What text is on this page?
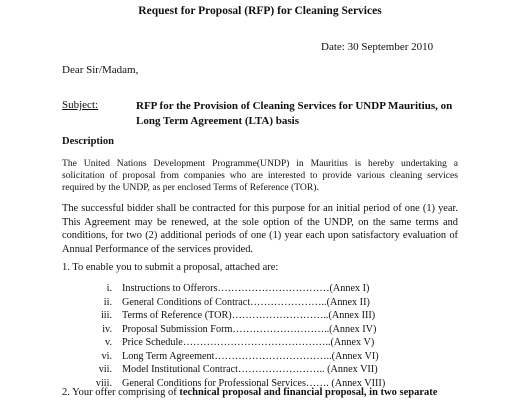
Request for Proposal (RFP) for Cleaning Services
Date: 30 September 2010
Dear Sir/Madam,
Subject:	RFP for the Provision of Cleaning Services for UNDP Mauritius, on Long Term Agreement (LTA) basis
Description
The United Nations Development Programme(UNDP) in Mauritius is hereby undertaking a solicitation of proposal from companies who are interested to provide various cleaning services required by the UNDP, as per enclosed Terms of Reference (TOR).
The successful bidder shall be contracted for this purpose for an initial period of one (1) year. This Agreement may be renewed, at the sole option of the UNDP, on the same terms and conditions, for two (2) additional periods of one (1) year each upon satisfactory evaluation of Annual Performance of the services provided.
1. To enable you to submit a proposal, attached are:
i. Instructions to Offerors……………………………(Annex I)
ii. General Conditions of Contract…………………..(Annex II)
iii. Terms of Reference (TOR)………………………..(Annex III)
iv. Proposal Submission Form………………………..(Annex IV)
v. Price Schedule……………………………………..(Annex V)
vi. Long Term Agreement……………………………..(Annex VI)
vii. Model Institutional Contract…………………….. (Annex VII)
viii. General Conditions for Professional Services……. (Annex VIII)
2. Your offer comprising of technical proposal and financial proposal, in two separate
